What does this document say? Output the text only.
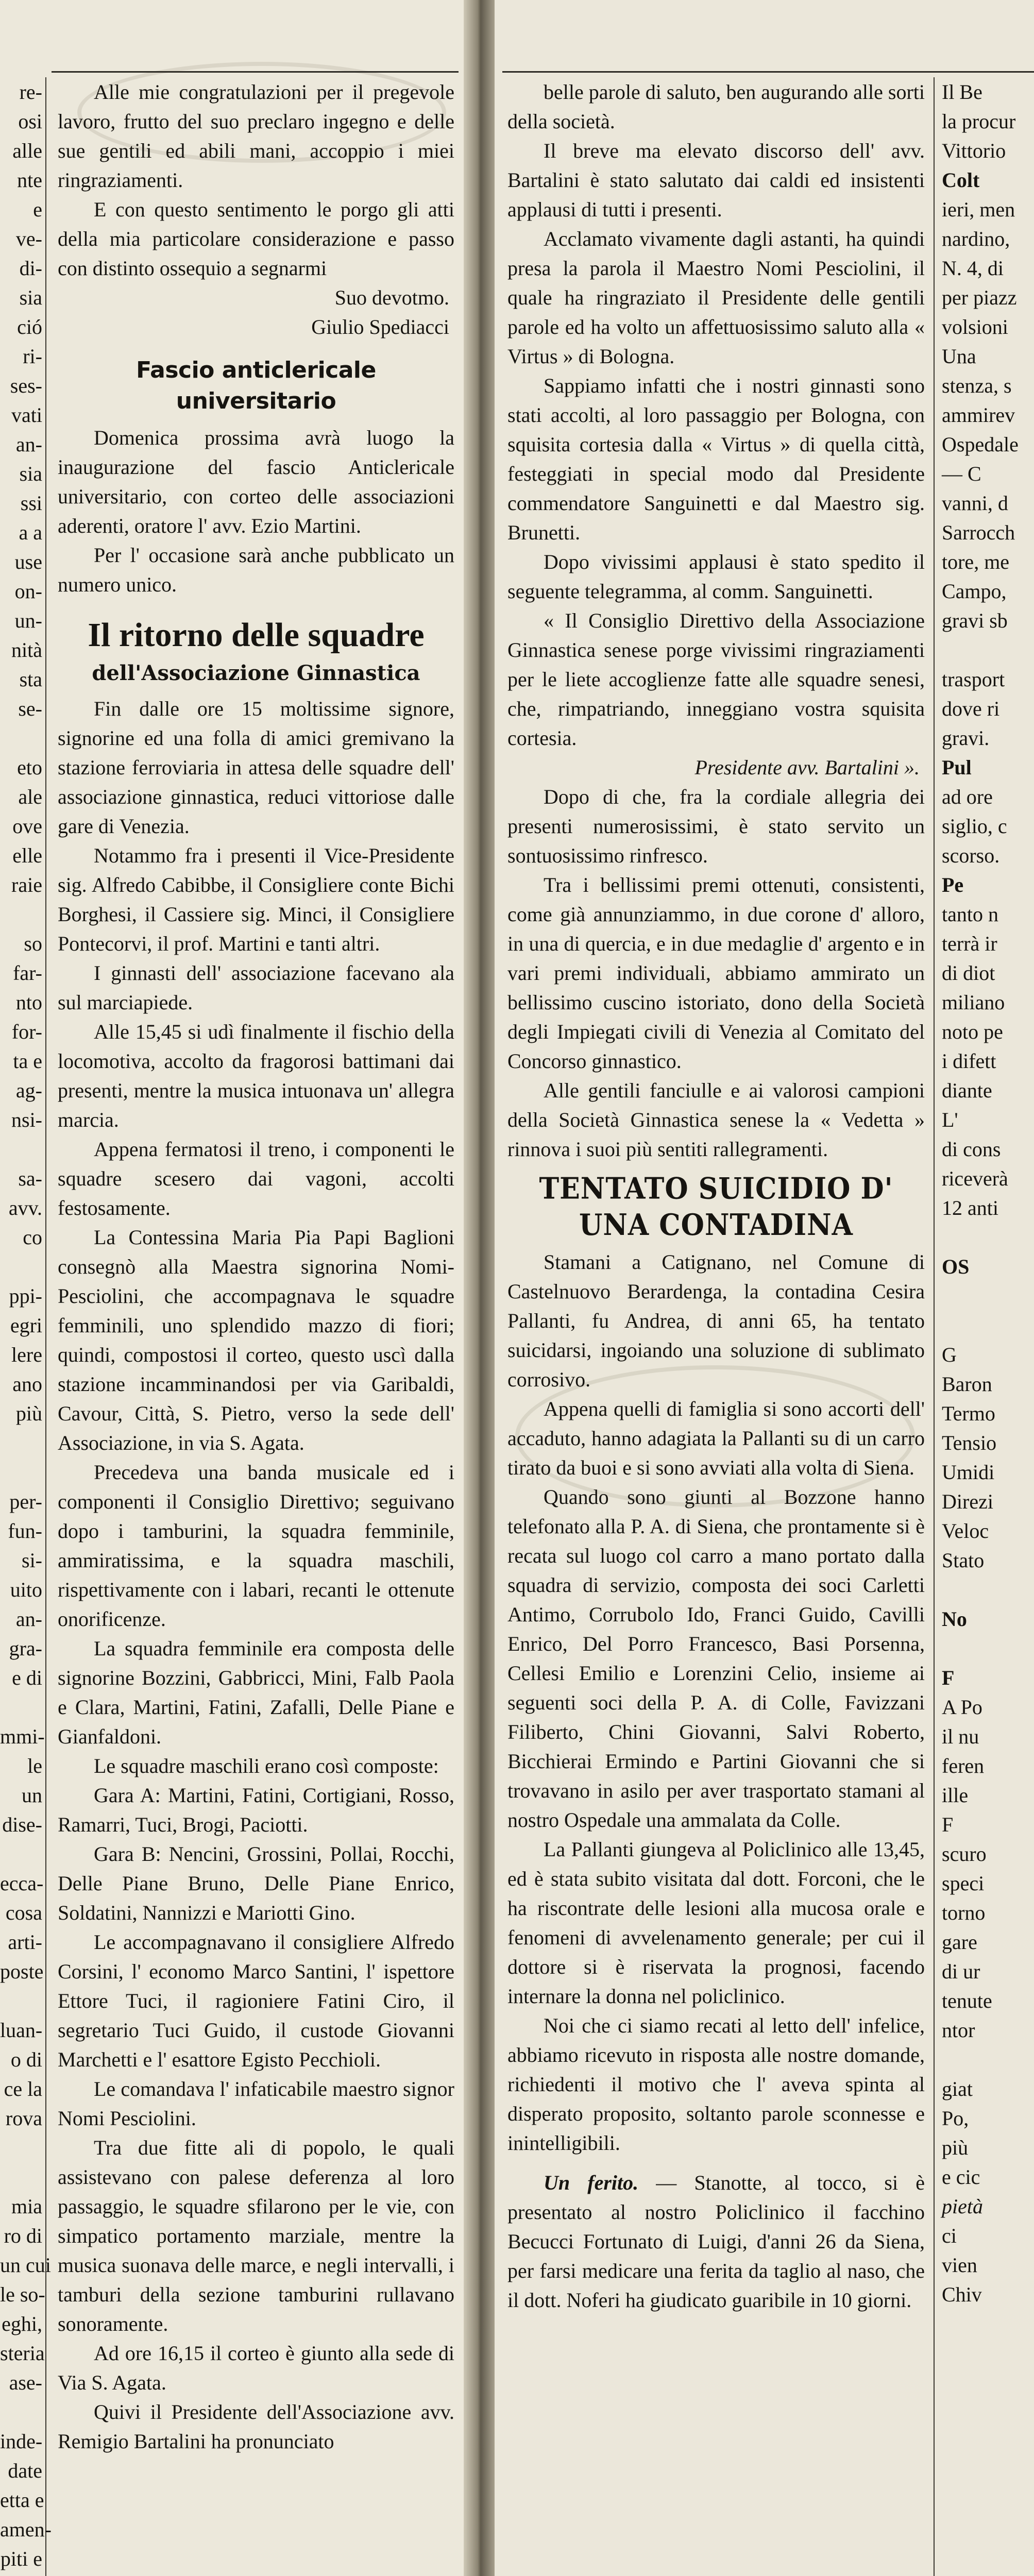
re-
osi
alle
nte
e
ve-
di-
sia
ció
ri-
ses-
vati
an-
sia
ssi
a a
use
on-
un-
nità
sta
se-
eto
ale
ove
elle
raie
so
far-
nto
for-
ta e
ag-
nsi-
sa-
avv.
co
ppi-
egri
lere
ano
più
per-
fun-
si-
uito
an-
gra-
e di
mmi-
le
un
dise-
ecca-
cosa
arti-
poste
luan-
o di
ce la
rova
mia
ro di
un cui
le so-
eghi,
steria
ase-
inde-
date
etta e
amen-
piti e
Il Be
la procur
Vittorio
Colt
ieri, men
nardino,
N. 4, di
per piazz
volsioni
Una
stenza, s
ammirev
Ospedale
— C
vanni, d
Sarrocch
tore, me
Campo,
gravi sb
trasport
dove ri
gravi.
Pul
ad ore
siglio, c
scorso.
Pe
tanto n
terrà ir
di diot
miliano
noto pe
i difett
diante
L'
di cons
riceverà
12 anti
OS
G
Baron
Termo
Tensio
Umidi
Direzi
Veloc
Stato
No
F
A Po
il nu
feren
ille
F
scuro
speci
torno
gare
di ur
tenute
ntor
giat
Po,
più
e cic
pietà
ci
vien
Chiv

Alle mie congratulazioni per il pregevole lavoro, frutto del suo preclaro ingegno e delle sue gentili ed abili mani, accoppio i miei ringraziamenti.

E con questo sentimento le porgo gli atti della mia particolare considerazione e passo con distinto ossequio a segnarmi

Suo devotmo.

Giulio Spediacci

Fascio anticlericale universitario

Domenica prossima avrà luogo la inaugurazione del fascio Anticlericale universitario, con corteo delle associazioni aderenti, oratore l' avv. Ezio Martini.

Per l' occasione sarà anche pubblicato un numero unico.

Il ritorno delle squadre
dell'Associazione Ginnastica

Fin dalle ore 15 moltissime signore, signorine ed una folla di amici gremivano la stazione ferroviaria in attesa delle squadre dell' associazione ginnastica, reduci vittoriose dalle gare di Venezia.

Notammo fra i presenti il Vice-Presidente sig. Alfredo Cabibbe, il Consigliere conte Bichi Borghesi, il Cassiere sig. Minci, il Consigliere Pontecorvi, il prof. Martini e tanti altri.

I ginnasti dell' associazione facevano ala sul marciapiede.

Alle 15,45 si udì finalmente il fischio della locomotiva, accolto da fragorosi battimani dai presenti, mentre la musica intuonava un' allegra marcia.

Appena fermatosi il treno, i componenti le squadre scesero dai vagoni, accolti festosamente.

La Contessina Maria Pia Papi Baglioni consegnò alla Maestra signorina Nomi-Pesciolini, che accompagnava le squadre femminili, uno splendido mazzo di fiori; quindi, compostosi il corteo, questo uscì dalla stazione incamminandosi per via Garibaldi, Cavour, Città, S. Pietro, verso la sede dell' Associazione, in via S. Agata.

Precedeva una banda musicale ed i componenti il Consiglio Direttivo; seguivano dopo i tamburini, la squadra femminile, ammiratissima, e la squadra maschili, rispettivamente con i labari, recanti le ottenute onorificenze.

La squadra femminile era composta delle signorine Bozzini, Gabbricci, Mini, Falb Paola e Clara, Martini, Fatini, Zafalli, Delle Piane e Gianfaldoni.

Le squadre maschili erano così composte:

Gara A: Martini, Fatini, Cortigiani, Rosso, Ramarri, Tuci, Brogi, Paciotti.

Gara B: Nencini, Grossini, Pollai, Rocchi, Delle Piane Bruno, Delle Piane Enrico, Soldatini, Nannizzi e Mariotti Gino.

Le accompagnavano il consigliere Alfredo Corsini, l' economo Marco Santini, l' ispettore Ettore Tuci, il ragioniere Fatini Ciro, il segretario Tuci Guido, il custode Giovanni Marchetti e l' esattore Egisto Pecchioli.

Le comandava l' infaticabile maestro signor Nomi Pesciolini.

Tra due fitte ali di popolo, le quali assistevano con palese deferenza al loro passaggio, le squadre sfilarono per le vie, con simpatico portamento marziale, mentre la musica suonava delle marce, e negli intervalli, i tamburi della sezione tamburini rullavano sonoramente.

Ad ore 16,15 il corteo è giunto alla sede di Via S. Agata.

Quivi il Presidente dell'Associazione avv. Remigio Bartalini ha pronunciato

belle parole di saluto, ben augurando alle sorti della società.

Il breve ma elevato discorso dell' avv. Bartalini è stato salutato dai caldi ed insistenti applausi di tutti i presenti.

Acclamato vivamente dagli astanti, ha quindi presa la parola il Maestro Nomi Pesciolini, il quale ha ringraziato il Presidente delle gentili parole ed ha volto un affettuosissimo saluto alla « Virtus » di Bologna.

Sappiamo infatti che i nostri ginnasti sono stati accolti, al loro passaggio per Bologna, con squisita cortesia dalla « Virtus » di quella città, festeggiati in special modo dal Presidente commendatore Sanguinetti e dal Maestro sig. Brunetti.

Dopo vivissimi applausi è stato spedito il seguente telegramma, al comm. Sanguinetti.

« Il Consiglio Direttivo della Associazione Ginnastica senese porge vivissimi ringraziamenti per le liete accoglienze fatte alle squadre senesi, che, rimpatriando, inneggiano vostra squisita cortesia.

Presidente avv. Bartalini ».

Dopo di che, fra la cordiale allegria dei presenti numerosissimi, è stato servito un sontuosissimo rinfresco.

Tra i bellissimi premi ottenuti, consistenti, come già annunziammo, in due corone d' alloro, in una di quercia, e in due medaglie d' argento e in vari premi individuali, abbiamo ammirato un bellissimo cuscino istoriato, dono della Società degli Impiegati civili di Venezia al Comitato del Concorso ginnastico.

Alle gentili fanciulle e ai valorosi campioni della Società Ginnastica senese la « Vedetta » rinnova i suoi più sentiti rallegramenti.

TENTATO SUICIDIO D' UNA CONTADINA

Stamani a Catignano, nel Comune di Castelnuovo Berardenga, la contadina Cesira Pallanti, fu Andrea, di anni 65, ha tentato suicidarsi, ingoiando una soluzione di sublimato corrosivo.

Appena quelli di famiglia si sono accorti dell' accaduto, hanno adagiata la Pallanti su di un carro tirato da buoi e si sono avviati alla volta di Siena.

Quando sono giunti al Bozzone hanno telefonato alla P. A. di Siena, che prontamente si è recata sul luogo col carro a mano portato dalla squadra di servizio, composta dei soci Carletti Antimo, Corrubolo Ido, Franci Guido, Cavilli Enrico, Del Porro Francesco, Basi Porsenna, Cellesi Emilio e Lorenzini Celio, insieme ai seguenti soci della P. A. di Colle, Favizzani Filiberto, Chini Giovanni, Salvi Roberto, Bicchierai Ermindo e Partini Giovanni che si trovavano in asilo per aver trasportato stamani al nostro Ospedale una ammalata da Colle.

La Pallanti giungeva al Policlinico alle 13,45, ed è stata subito visitata dal dott. Forconi, che le ha riscontrate delle lesioni alla mucosa orale e fenomeni di avvelenamento generale; per cui il dottore si è riservata la prognosi, facendo internare la donna nel policlinico.

Noi che ci siamo recati al letto dell' infelice, abbiamo ricevuto in risposta alle nostre domande, richiedenti il motivo che l' aveva spinta al disperato proposito, soltanto parole sconnesse e inintelligibili.

Un ferito. — Stanotte, al tocco, si è presentato al nostro Policlinico il facchino Becucci Fortunato di Luigi, d'anni 26 da Siena, per farsi medicare una ferita da taglio al naso, che il dott. Noferi ha giudicato guaribile in 10 giorni.
